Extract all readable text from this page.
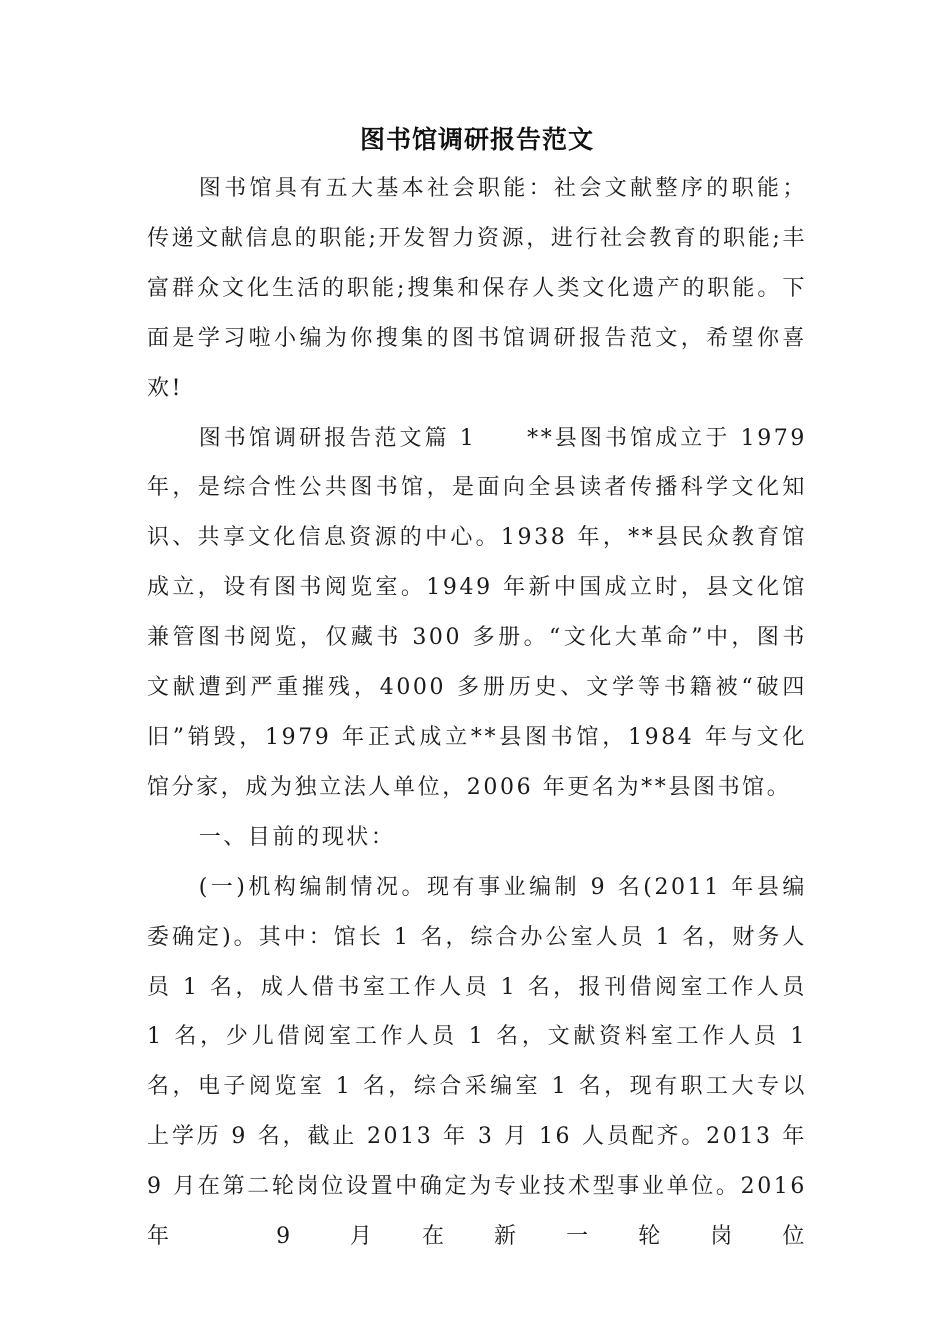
图书馆调研报告范文

图书馆具有五大基本社会职能：社会文献整序的职能；传递文献信息的职能;开发智力资源，进行社会教育的职能;丰富群众文化生活的职能;搜集和保存人类文化遗产的职能。下面是学习啦小编为你搜集的图书馆调研报告范文，希望你喜欢!

图书馆调研报告范文篇 1　　**县图书馆成立于 1979 年，是综合性公共图书馆，是面向全县读者传播科学文化知识、共享文化信息资源的中心。1938 年，**县民众教育馆成立，设有图书阅览室。1949 年新中国成立时，县文化馆兼管图书阅览，仅藏书 300 多册。“文化大革命”中，图书文献遭到严重摧残，4000 多册历史、文学等书籍被“破四旧”销毁，1979 年正式成立**县图书馆，1984 年与文化馆分家，成为独立法人单位，2006 年更名为**县图书馆。

一、目前的现状：

(一)机构编制情况。现有事业编制 9 名(2011 年县编委确定)。其中：馆长 1 名，综合办公室人员 1 名，财务人员 1 名，成人借书室工作人员 1 名，报刊借阅室工作人员 1 名，少儿借阅室工作人员 1 名，文献资料室工作人员 1 名，电子阅览室 1 名，综合采编室 1 名，现有职工大专以上学历 9 名，截止 2013 年 3 月 16 人员配齐。2013 年 9 月在第二轮岗位设置中确定为专业技术型事业单位。2016 年 9 月在新一轮岗位
